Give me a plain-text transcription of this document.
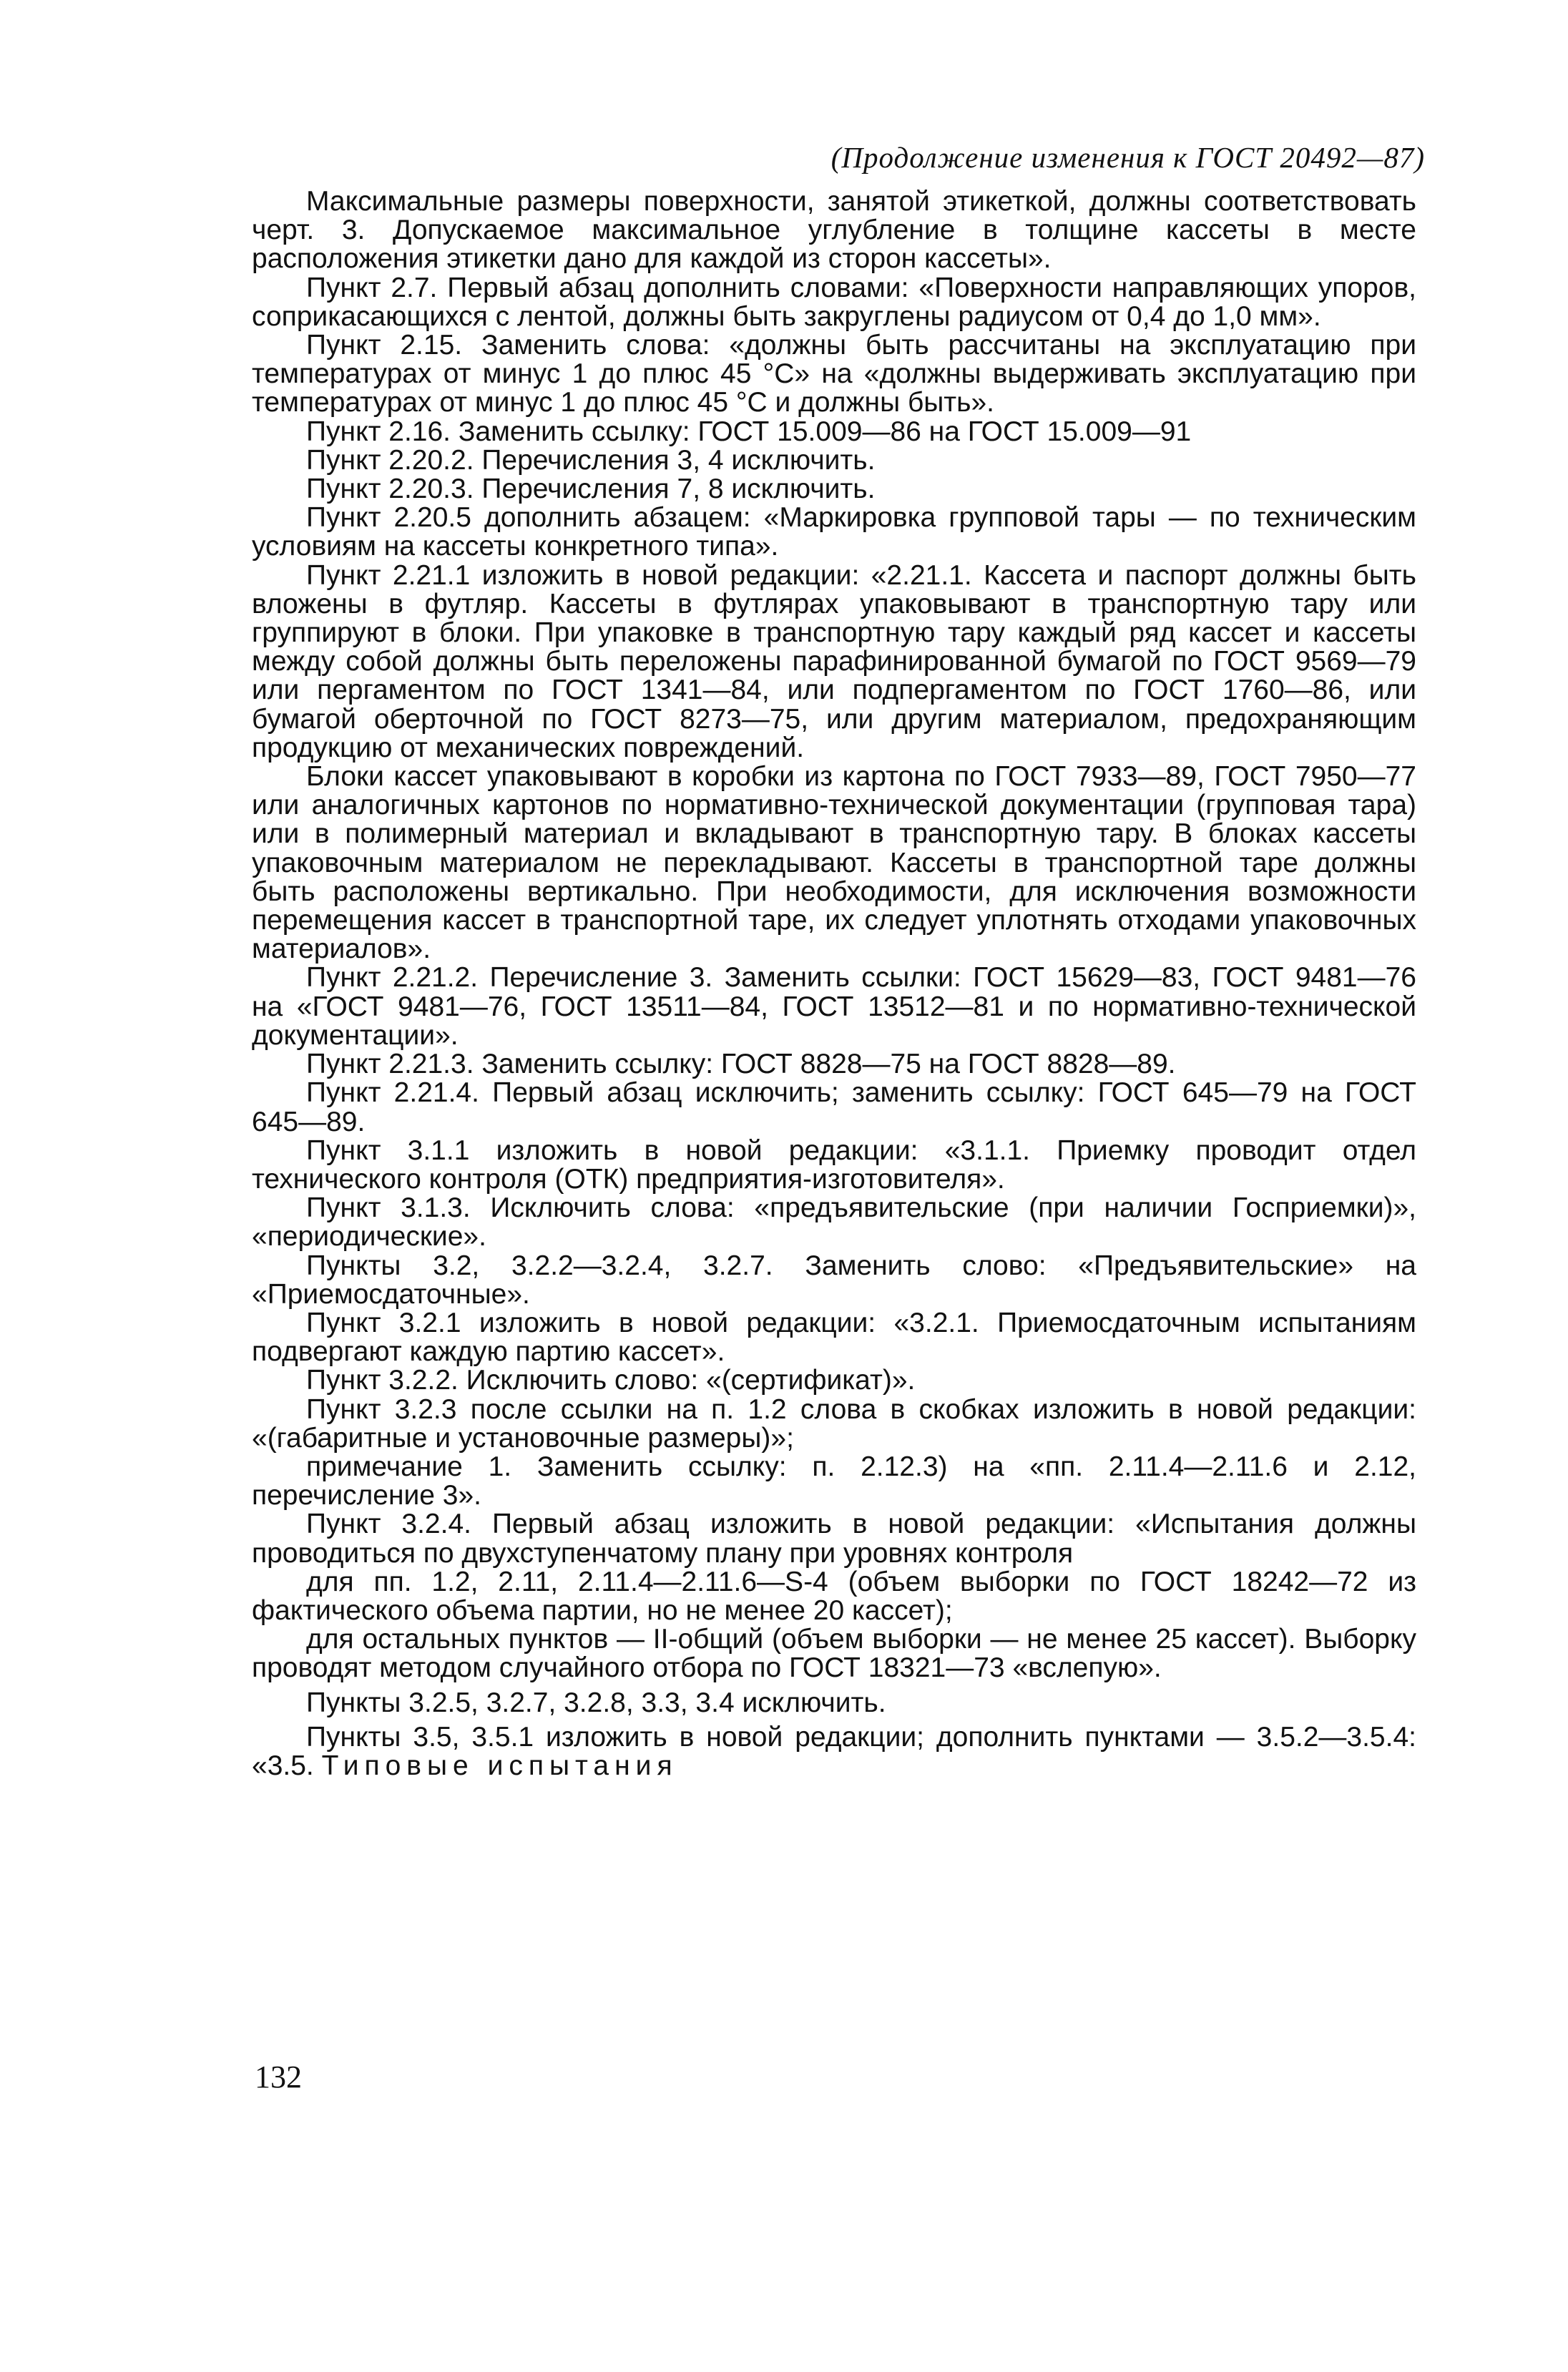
(Продолжение изменения к ГОСТ 20492—87)

Максимальные размеры поверхности, занятой этикеткой, должны соответствовать черт. 3. Допускаемое максимальное углубление в толщине кассеты в месте расположения этикетки дано для каждой из сторон кассеты».

Пункт 2.7. Первый абзац дополнить словами: «Поверхности направляющих упоров, соприкасающихся с лентой, должны быть закруглены радиусом от 0,4 до 1,0 мм».

Пункт 2.15. Заменить слова: «должны быть рассчитаны на эксплуатацию при температурах от минус 1 до плюс 45 °С» на «должны выдерживать эксплуатацию при температурах от минус 1 до плюс 45 °С и должны быть».

Пункт 2.16. Заменить ссылку: ГОСТ 15.009—86 на ГОСТ 15.009—91

Пункт 2.20.2. Перечисления 3, 4 исключить.

Пункт 2.20.3. Перечисления 7, 8 исключить.

Пункт 2.20.5 дополнить абзацем: «Маркировка групповой тары — по техническим условиям на кассеты конкретного типа».

Пункт 2.21.1 изложить в новой редакции: «2.21.1. Кассета и паспорт должны быть вложены в футляр. Кассеты в футлярах упаковывают в транспортную тару или группируют в блоки. При упаковке в транспортную тару каждый ряд кассет и кассеты между собой должны быть переложены парафинированной бумагой по ГОСТ 9569—79 или пергаментом по ГОСТ 1341—84, или подпергаментом по ГОСТ 1760—86, или бумагой оберточной по ГОСТ 8273—75, или другим материалом, предохраняющим продукцию от механических повреждений.

Блоки кассет упаковывают в коробки из картона по ГОСТ 7933—89, ГОСТ 7950—77 или аналогичных картонов по нормативно-технической документации (групповая тара) или в полимерный материал и вкладывают в транспортную тару. В блоках кассеты упаковочным материалом не перекладывают. Кассеты в транспортной таре должны быть расположены вертикально. При необходимости, для исключения возможности перемещения кассет в транспортной таре, их следует уплотнять отходами упаковочных материалов».

Пункт 2.21.2. Перечисление 3. Заменить ссылки: ГОСТ 15629—83, ГОСТ 9481—76 на «ГОСТ 9481—76, ГОСТ 13511—84, ГОСТ 13512—81 и по нормативно-технической документации».

Пункт 2.21.3. Заменить ссылку: ГОСТ 8828—75 на ГОСТ 8828—89.

Пункт 2.21.4. Первый абзац исключить; заменить ссылку: ГОСТ 645—79 на ГОСТ 645—89.

Пункт 3.1.1 изложить в новой редакции: «3.1.1. Приемку проводит отдел технического контроля (ОТК) предприятия-изготовителя».

Пункт 3.1.3. Исключить слова: «предъявительские (при наличии Госприемки)», «периодические».

Пункты 3.2, 3.2.2—3.2.4, 3.2.7. Заменить слово: «Предъявительские» на «Приемосдаточные».

Пункт 3.2.1 изложить в новой редакции: «3.2.1. Приемосдаточным испытаниям подвергают каждую партию кассет».

Пункт 3.2.2. Исключить слово: «(сертификат)».

Пункт 3.2.3 после ссылки на п. 1.2 слова в скобках изложить в новой редакции: «(габаритные и установочные размеры)»;

примечание 1. Заменить ссылку: п. 2.12.3) на «пп. 2.11.4—2.11.6 и 2.12, перечисление 3».

Пункт 3.2.4. Первый абзац изложить в новой редакции: «Испытания должны проводиться по двухступенчатому плану при уровнях контроля

для пп. 1.2, 2.11, 2.11.4—2.11.6—S-4 (объем выборки по ГОСТ 18242—72 из фактического объема партии, но не менее 20 кассет);

для остальных пунктов — II-общий (объем выборки — не менее 25 кассет). Выборку проводят методом случайного отбора по ГОСТ 18321—73 «вслепую».

Пункты 3.2.5, 3.2.7, 3.2.8, 3.3, 3.4 исключить.

Пункты 3.5, 3.5.1 изложить в новой редакции; дополнить пунктами — 3.5.2—3.5.4: «3.5. Типовые испытания

132
